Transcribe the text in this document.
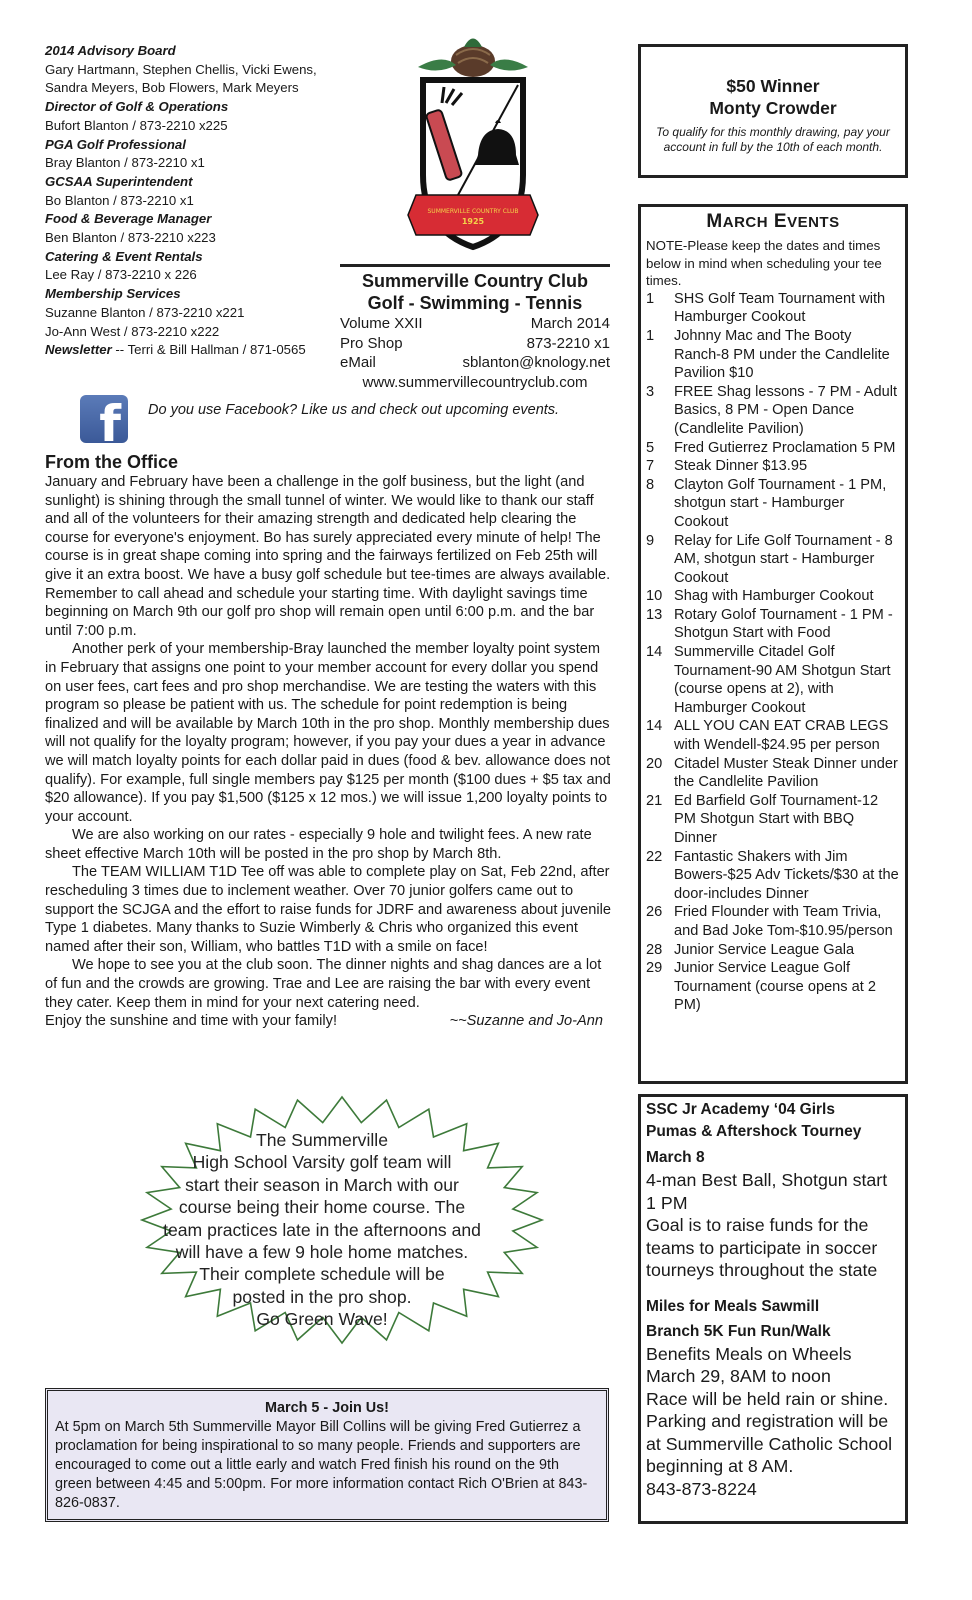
2014 Advisory Board
Gary Hartmann, Stephen Chellis, Vicki Ewens,
Sandra Meyers, Bob Flowers, Mark Meyers
Director of Golf & Operations
Bufort Blanton / 873-2210 x225
PGA Golf Professional
Bray Blanton / 873-2210 x1
GCSAA Superintendent
Bo Blanton / 873-2210 x1
Food & Beverage Manager
Ben Blanton / 873-2210 x223
Catering & Event Rentals
Lee Ray / 873-2210 x 226
Membership Services
Suzanne Blanton / 873-2210 x221
Jo-Ann West / 873-2210 x222
Newsletter -- Terri & Bill Hallman / 871-0565
SUMMERVILLE COUNTRY CLUB
1925
Summerville Country Club
Golf - Swimming - Tennis
Volume XXII	March 2014
Pro Shop	873-2210 x1
eMail	sblanton@knology.net
www.summervillecountryclub.com
f Do you use Facebook? Like us and check out upcoming events.
From the Office

January and February have been a challenge in the golf business, but the light (and sunlight) is shining through the small tunnel of winter. We would like to thank our staff and all of the volunteers for their amazing strength and dedicated help clearing the course for everyone's enjoyment. Bo has surely appreciated every minute of help! The course is in great shape coming into spring and the fairways fertilized on Feb 25th will give it an extra boost. We have a busy golf schedule but tee-times are always available. Remember to call ahead and schedule your starting time. With daylight savings time beginning on March 9th our golf pro shop will remain open until 6:00 p.m. and the bar until 7:00 p.m.

Another perk of your membership-Bray launched the member loyalty point system in February that assigns one point to your member account for every dollar you spend on user fees, cart fees and pro shop merchandise. We are testing the waters with this program so please be patient with us. The schedule for point redemption is being finalized and will be available by March 10th in the pro shop. Monthly membership dues will not qualify for the loyalty program; however, if you pay your dues a year in advance we will match loyalty points for each dollar paid in dues (food & bev. allowance does not qualify). For example, full single members pay $125 per month ($100 dues + $5 tax and $20 allowance). If you pay $1,500 ($125 x 12 mos.) we will issue 1,200 loyalty points to your account.

We are also working on our rates - especially 9 hole and twilight fees. A new rate sheet effective March 10th will be posted in the pro shop by March 8th.

The TEAM WILLIAM T1D Tee off was able to complete play on Sat, Feb 22nd, after rescheduling 3 times due to inclement weather. Over 70 junior golfers came out to support the SCJGA and the effort to raise funds for JDRF and awareness about juvenile Type 1 diabetes. Many thanks to Suzie Wimberly & Chris who organized this event named after their son, William, who battles T1D with a smile on face!

We hope to see you at the club soon. The dinner nights and shag dances are a lot of fun and the crowds are growing. Trae and Lee are raising the bar with every event they cater. Keep them in mind for your next catering need.

Enjoy the sunshine and time with your family!	~~Suzanne and Jo-Ann

The Summerville
High School Varsity golf team will
start their season in March with our
course being their home course. The
team practices late in the afternoons and
will have a few 9 hole home matches.
Their complete schedule will be
posted in the pro shop.
Go Green Wave!
March 5 - Join Us!
At 5pm on March 5th Summerville Mayor Bill Collins will be giving Fred Gutierrez a proclamation for being inspirational to so many people. Friends and supporters are encouraged to come out a little early and watch Fred finish his round on the 9th green between 4:45 and 5:00pm. For more information contact Rich O'Brien at 843-826-0837.
$50 Winner
Monty Crowder
To qualify for this monthly drawing, pay your account in full by the 10th of each month.
MARCH EVENTS
NOTE-Please keep the dates and times below in mind when scheduling your tee times.
1	SHS Golf Team Tournament with Hamburger Cookout
1	Johnny Mac and The Booty Ranch-8 PM under the Candlelite Pavilion $10
3	FREE Shag lessons - 7 PM - Adult Basics, 8 PM - Open Dance (Candlelite Pavilion)
5	Fred Gutierrez Proclamation 5 PM
7	Steak Dinner $13.95
8	Clayton Golf Tournament - 1 PM, shotgun start - Hamburger Cookout
9	Relay for Life Golf Tournament - 8 AM, shotgun start - Hamburger Cookout
10 Shag with Hamburger Cookout
13 Rotary Golof Tournament - 1 PM - Shotgun Start with Food
14 Summerville Citadel Golf Tournament-90 AM Shotgun Start (course opens at 2), with Hamburger Cookout
14 ALL YOU CAN EAT CRAB LEGS with Wendell-$24.95 per person
20 Citadel Muster Steak Dinner under the Candlelite Pavilion
21 Ed Barfield Golf Tournament-12 PM Shotgun Start with BBQ Dinner
22 Fantastic Shakers with Jim Bowers-$25 Adv Tickets/$30 at the door-includes Dinner
26 Fried Flounder with Team Trivia, and Bad Joke Tom-$10.95/person
28 Junior Service League Gala
29 Junior Service League Golf Tournament (course opens at 2 PM)
SSC Jr Academy ‘04 Girls
Pumas & Aftershock Tourney
March 8
4-man Best Ball, Shotgun start 1 PM
Goal is to raise funds for the teams to participate in soccer tourneys throughout the state
Miles for Meals Sawmill
Branch 5K Fun Run/Walk
Benefits Meals on Wheels
March 29, 8AM to noon
Race will be held rain or shine. Parking and registration will be at Summerville Catholic School beginning at 8 AM.
843-873-8224
